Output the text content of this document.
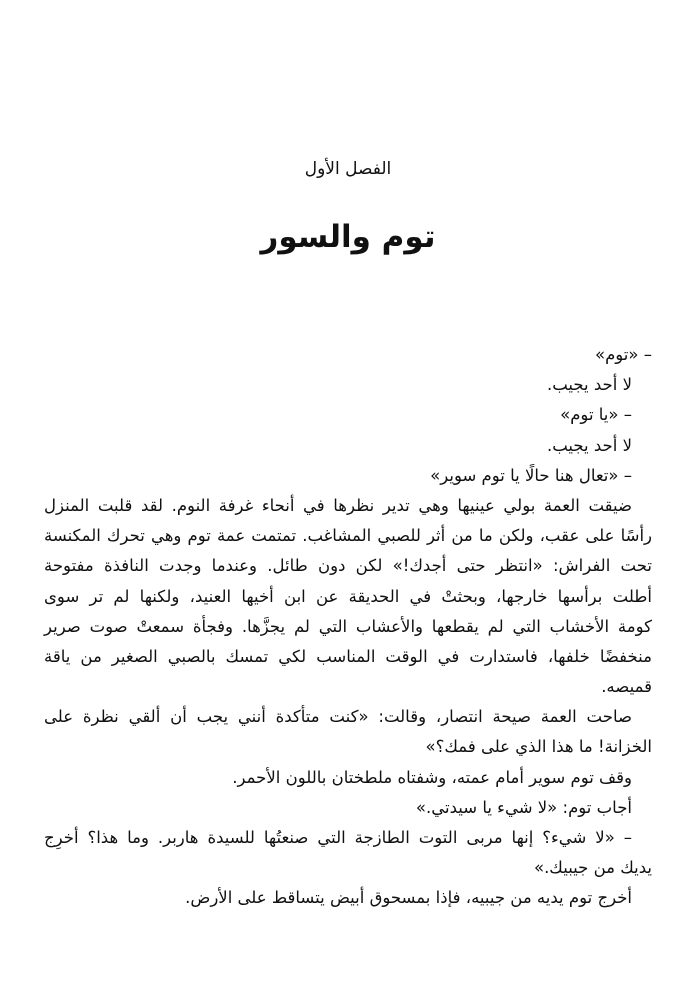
الفصل الأول
توم والسور
– «توم»
لا أحد يجيب.
– «يا توم»
لا أحد يجيب.
– «تعال هنا حالًا يا توم سوير»
ضيقت العمة بولي عينيها وهي تدير نظرها في أنحاء غرفة النوم. لقد قلبت المنزل
رأسًا على عقب، ولكن ما من أثر للصبي المشاغب. تمتمت عمة توم وهي تحرك المكنسة
تحت الفراش: «انتظر حتى أجدك!» لكن دون طائل. وعندما وجدت النافذة مفتوحة
أطلت برأسها خارجها، وبحثتْ في الحديقة عن ابن أخيها العنيد، ولكنها لم تر سوى
كومة الأخشاب التي لم يقطعها والأعشاب التي لم يجزَّها. وفجأة سمعتْ صوت صرير
منخفضًا خلفها، فاستدارت في الوقت المناسب لكي تمسك بالصبي الصغير من ياقة
قميصه.
صاحت العمة صيحة انتصار، وقالت: «كنت متأكدة أنني يجب أن ألقي نظرة على
الخزانة! ما هذا الذي على فمك؟»
وقف توم سوير أمام عمته، وشفتاه ملطختان باللون الأحمر.
أجاب توم: «لا شيء يا سيدتي.»
– «لا شيء؟ إنها مربى التوت الطازجة التي صنعتُها للسيدة هاربر. وما هذا؟ أخرِج
يديك من جيبيك.»
أخرج توم يديه من جيبيه، فإذا بمسحوق أبيض يتساقط على الأرض.
